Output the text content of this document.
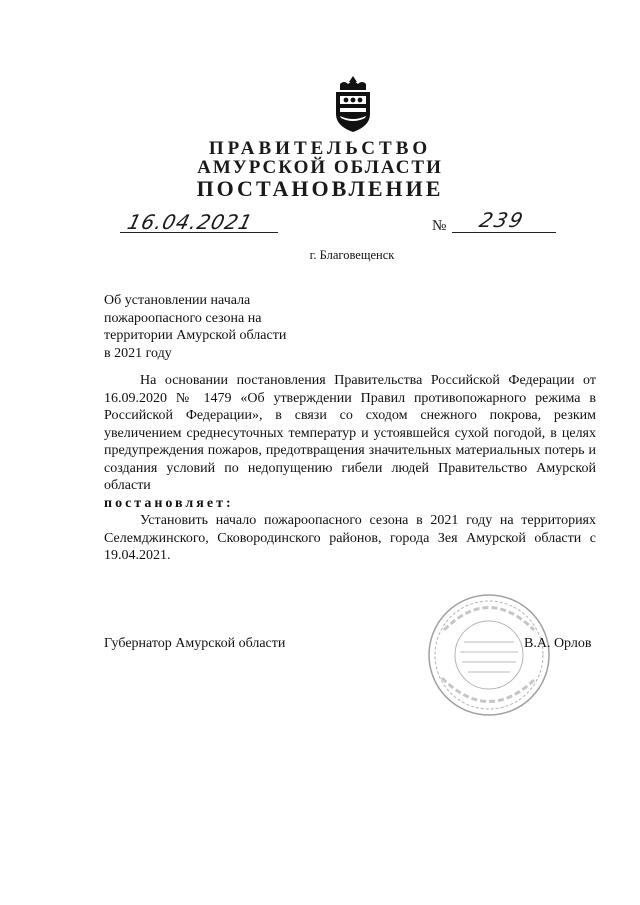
ПРАВИТЕЛЬСТВО
АМУРСКОЙ ОБЛАСТИ
ПОСТАНОВЛЕНИЕ
16.04.2021	№ 239
г. Благовещенск
Об установлении начала
пожароопасного сезона на
территории Амурской области
в 2021 году

На основании постановления Правительства Российской Федерации от 16.09.2020 № 1479 «Об утверждении Правил противопожарного режима в Российской Федерации», в связи со сходом снежного покрова, резким увеличением среднесуточных температур и устоявшейся сухой погодой, в целях предупреждения пожаров, предотвращения значительных материальных потерь и создания условий по недопущению гибели людей Правительство Амурской области

постановляет:

Установить начало пожароопасного сезона в 2021 году на территориях Селемджинского, Сковородинского районов, города Зея Амурской области с 19.04.2021.

Губернатор Амурской области	В.А. Орлов
